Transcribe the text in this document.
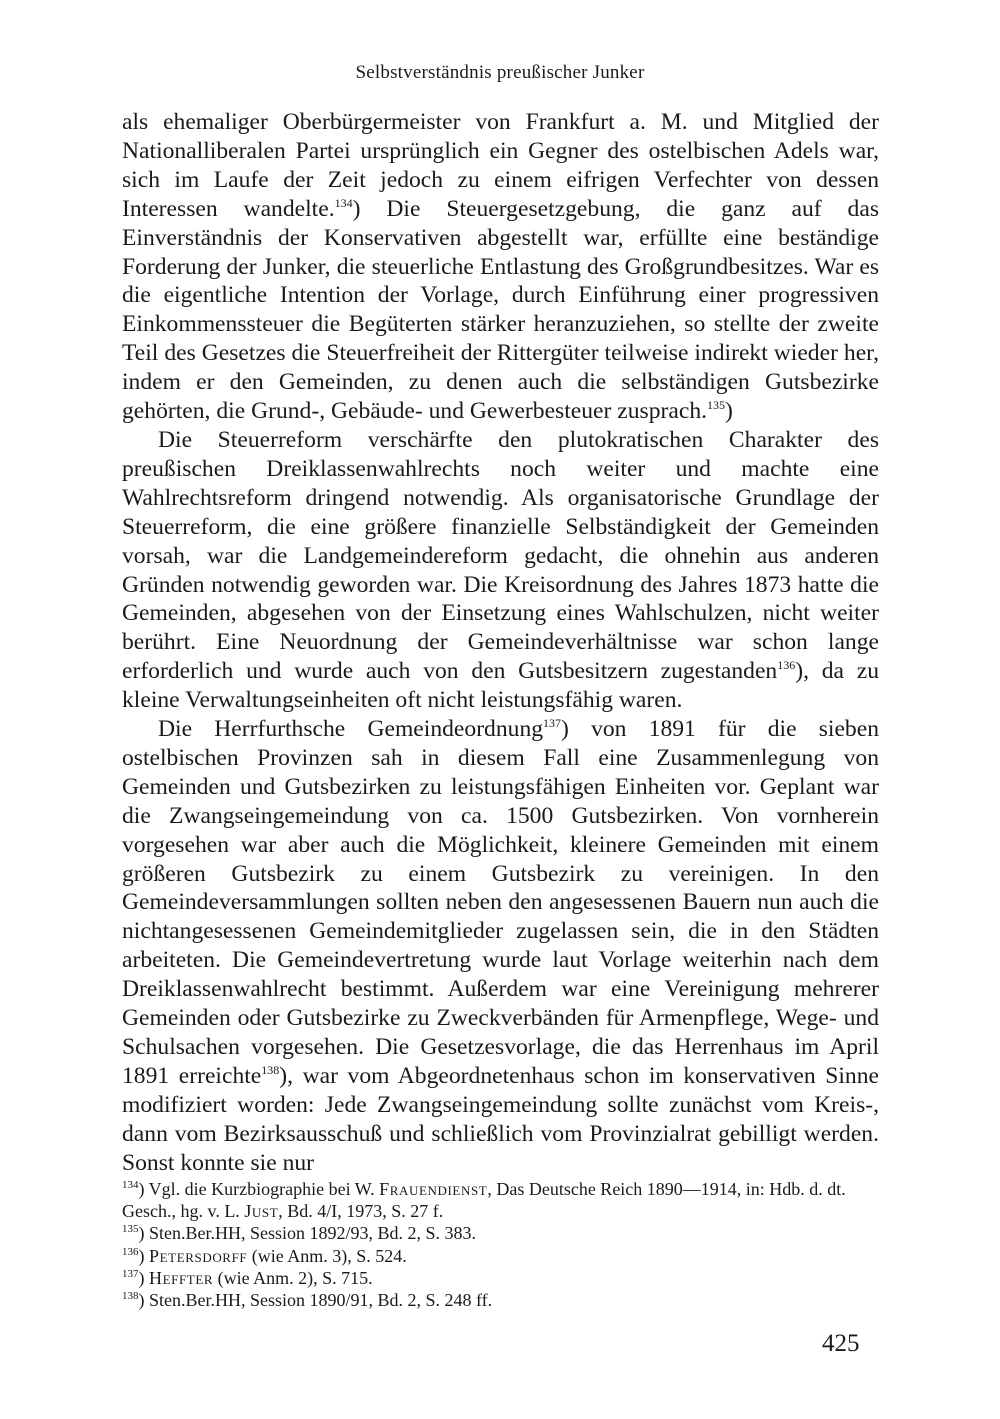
Selbstverständnis preußischer Junker

als ehemaliger Oberbürgermeister von Frankfurt a. M. und Mitglied der Nationalliberalen Partei ursprünglich ein Gegner des ostelbischen Adels war, sich im Laufe der Zeit jedoch zu einem eifrigen Verfechter von dessen Interessen wandelte.$^{134}$) Die Steuergesetzgebung, die ganz auf das Einverständnis der Konservativen abgestellt war, erfüllte eine beständige Forderung der Junker, die steuerliche Entlastung des Großgrundbesitzes. War es die eigentliche Intention der Vorlage, durch Einführung einer progressiven Einkommenssteuer die Begüterten stärker heranzuziehen, so stellte der zweite Teil des Gesetzes die Steuerfreiheit der Rittergüter teilweise indirekt wieder her, indem er den Gemeinden, zu denen auch die selbständigen Gutsbezirke gehörten, die Grund-, Gebäude- und Gewerbesteuer zusprach.$^{135}$)

Die Steuerreform verschärfte den plutokratischen Charakter des preußischen Dreiklassenwahlrechts noch weiter und machte eine Wahlrechtsreform dringend notwendig. Als organisatorische Grundlage der Steuerreform, die eine größere finanzielle Selbständigkeit der Gemeinden vorsah, war die Landgemeindereform gedacht, die ohnehin aus anderen Gründen notwendig geworden war. Die Kreisordnung des Jahres 1873 hatte die Gemeinden, abgesehen von der Einsetzung eines Wahlschulzen, nicht weiter berührt. Eine Neuordnung der Gemeindeverhältnisse war schon lange erforderlich und wurde auch von den Gutsbesitzern zugestanden$^{136}$), da zu kleine Verwaltungseinheiten oft nicht leistungsfähig waren.

Die Herrfurthsche Gemeindeordnung$^{137}$) von 1891 für die sieben ostelbischen Provinzen sah in diesem Fall eine Zusammenlegung von Gemeinden und Gutsbezirken zu leistungsfähigen Einheiten vor. Geplant war die Zwangseingemeindung von ca. 1500 Gutsbezirken. Von vornherein vorgesehen war aber auch die Möglichkeit, kleinere Gemeinden mit einem größeren Gutsbezirk zu einem Gutsbezirk zu vereinigen. In den Gemeindeversammlungen sollten neben den angesessenen Bauern nun auch die nichtangesessenen Gemeindemitglieder zugelassen sein, die in den Städten arbeiteten. Die Gemeindevertretung wurde laut Vorlage weiterhin nach dem Dreiklassenwahlrecht bestimmt. Außerdem war eine Vereinigung mehrerer Gemeinden oder Gutsbezirke zu Zweckverbänden für Armenpflege, Wege- und Schulsachen vorgesehen. Die Gesetzesvorlage, die das Herrenhaus im April 1891 erreichte$^{138}$), war vom Abgeordnetenhaus schon im konservativen Sinne modifiziert worden: Jede Zwangseingemeindung sollte zunächst vom Kreis-, dann vom Bezirksausschuß und schließlich vom Provinzialrat gebilligt werden. Sonst konnte sie nur

$^{134}$) Vgl. die Kurzbiographie bei W. Frauendienst, Das Deutsche Reich 1890—1914, in: Hdb. d. dt. Gesch., hg. v. L. Just, Bd. 4/I, 1973, S. 27 f.

$^{135}$) Sten.Ber.HH, Session 1892/93, Bd. 2, S. 383.

$^{136}$) Petersdorff (wie Anm. 3), S. 524.

$^{137}$) Heffter (wie Anm. 2), S. 715.

$^{138}$) Sten.Ber.HH, Session 1890/91, Bd. 2, S. 248 ff.

425
